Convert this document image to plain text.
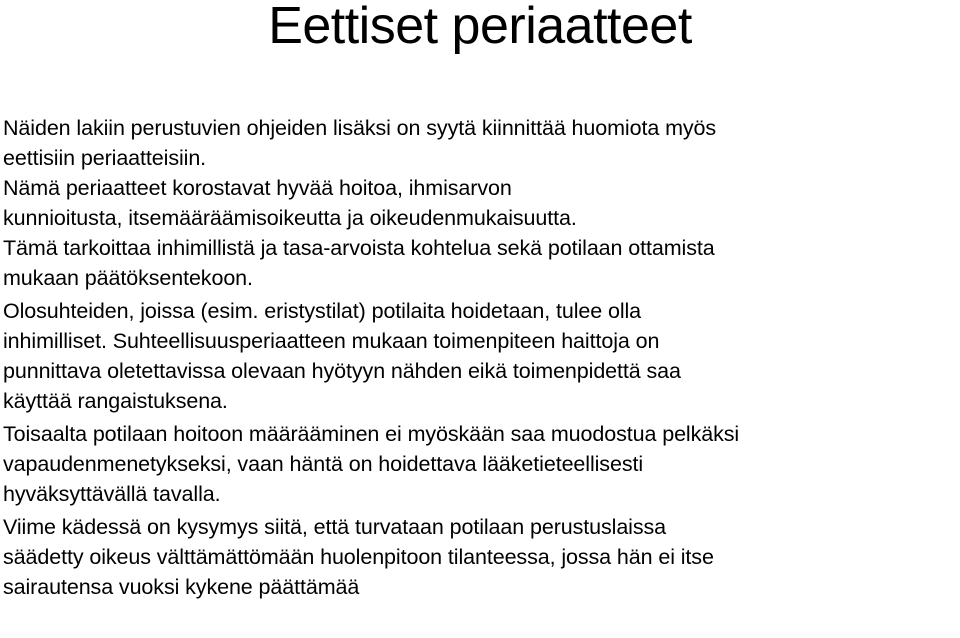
Eettiset periaatteet
Näiden lakiin perustuvien ohjeiden lisäksi on syytä kiinnittää huomiota myös
eettisiin periaatteisiin.
Nämä periaatteet korostavat hyvää hoitoa, ihmisarvon
kunnioitusta, itsemääräämisoikeutta ja oikeudenmukaisuutta.
Tämä tarkoittaa inhimillistä ja tasa-arvoista kohtelua sekä potilaan ottamista
mukaan päätöksentekoon.
Olosuhteiden, joissa (esim. eristystilat) potilaita hoidetaan, tulee olla
inhimilliset. Suhteellisuusperiaatteen mukaan toimenpiteen haittoja on
punnittava oletettavissa olevaan hyötyyn nähden eikä toimenpidettä saa
käyttää rangaistuksena.
Toisaalta potilaan hoitoon määrääminen ei myöskään saa muodostua pelkäksi
vapaudenmenetykseksi, vaan häntä on hoidettava lääketieteellisesti
hyväksyttävällä tavalla.
Viime kädessä on kysymys siitä, että turvataan potilaan perustuslaissa
säädetty oikeus välttämättömään huolenpitoon tilanteessa, jossa hän ei itse
sairautensa vuoksi kykene päättämää
